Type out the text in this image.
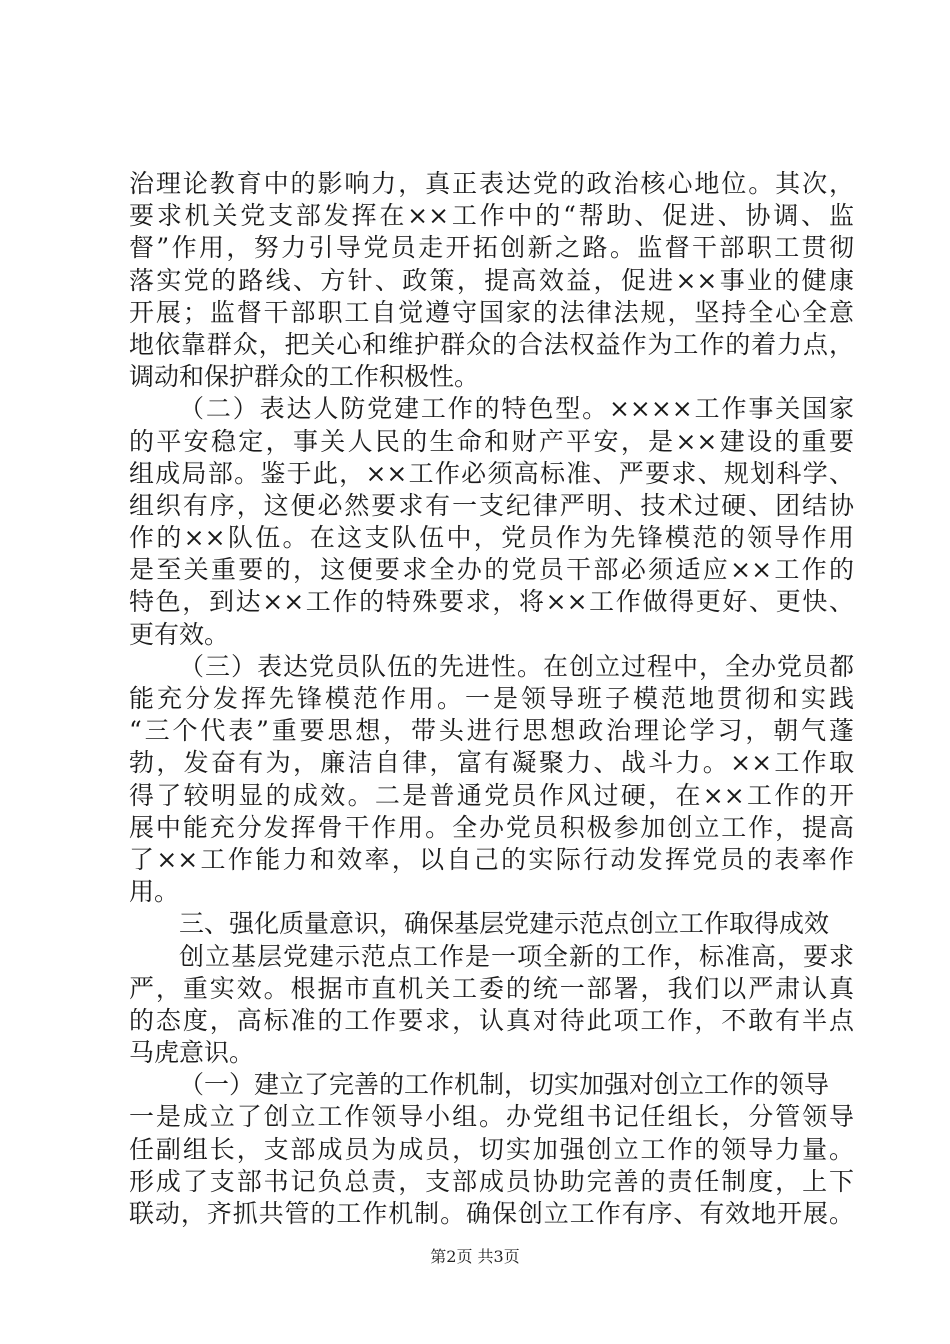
治理论教育中的影响力，真正表达党的政治核心地位。其次，
要求机关党支部发挥在××工作中的“帮助、促进、协调、监
督”作用，努力引导党员走开拓创新之路。监督干部职工贯彻
落实党的路线、方针、政策，提高效益，促进××事业的健康
开展；监督干部职工自觉遵守国家的法律法规，坚持全心全意
地依靠群众，把关心和维护群众的合法权益作为工作的着力点，
调动和保护群众的工作积极性。
（二）表达人防党建工作的特色型。××××工作事关国家
的平安稳定，事关人民的生命和财产平安，是××建设的重要
组成局部。鉴于此，××工作必须高标准、严要求、规划科学、
组织有序，这便必然要求有一支纪律严明、技术过硬、团结协
作的××队伍。在这支队伍中，党员作为先锋模范的领导作用
是至关重要的，这便要求全办的党员干部必须适应××工作的
特色，到达××工作的特殊要求，将××工作做得更好、更快、
更有效。
（三）表达党员队伍的先进性。在创立过程中，全办党员都
能充分发挥先锋模范作用。一是领导班子模范地贯彻和实践
“三个代表”重要思想，带头进行思想政治理论学习，朝气蓬
勃，发奋有为，廉洁自律，富有凝聚力、战斗力。××工作取
得了较明显的成效。二是普通党员作风过硬，在××工作的开
展中能充分发挥骨干作用。全办党员积极参加创立工作，提高
了××工作能力和效率，以自己的实际行动发挥党员的表率作
用。
三、强化质量意识，确保基层党建示范点创立工作取得成效
创立基层党建示范点工作是一项全新的工作，标准高，要求
严，重实效。根据市直机关工委的统一部署，我们以严肃认真
的态度，高标准的工作要求，认真对待此项工作，不敢有半点
马虎意识。
（一）建立了完善的工作机制，切实加强对创立工作的领导
一是成立了创立工作领导小组。办党组书记任组长，分管领导
任副组长，支部成员为成员，切实加强创立工作的领导力量。
形成了支部书记负总责，支部成员协助完善的责任制度，上下
联动，齐抓共管的工作机制。确保创立工作有序、有效地开展。
第2页 共3页
